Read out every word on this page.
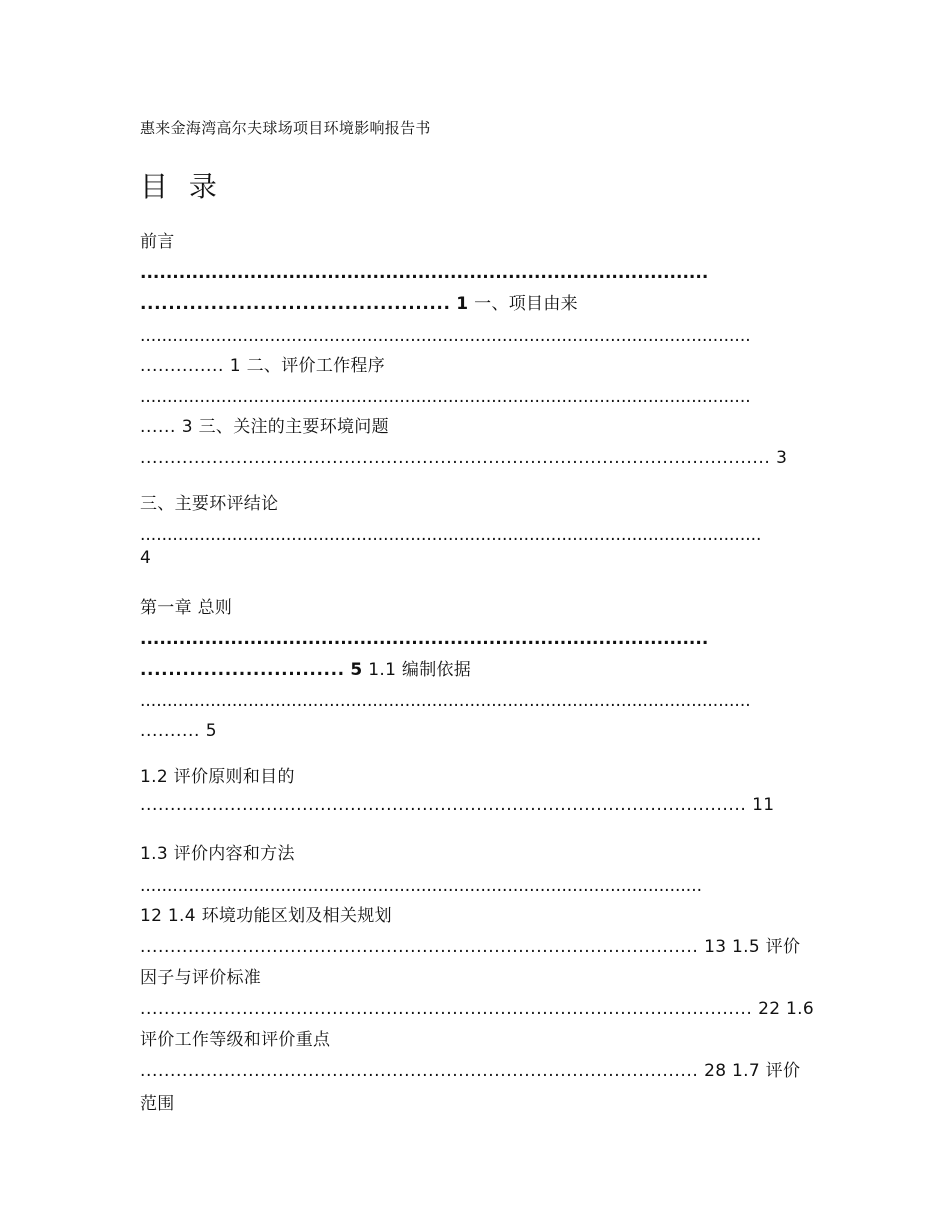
惠来金海湾高尔夫球场项目环境影响报告书
目 录
前言
........................................................................................
............................................ 1 一、项目由来
.................................................................................................................
.............. 1 二、评价工作程序
.................................................................................................................
...... 3 三、关注的主要环境问题
......................................................................................................... 3
三、主要环评结论
...................................................................................................................
4
第一章 总则
........................................................................................
............................. 5 1.1 编制依据
.................................................................................................................
.......... 5
1.2 评价原则和目的
..................................................................................................... 11
1.3 评价内容和方法
........................................................................................................
12 1.4 环境功能区划及相关规划
............................................................................................. 13 1.5 评价
因子与评价标准
...................................................................................................... 22 1.6
评价工作等级和评价重点
............................................................................................. 28 1.7 评价
范围
